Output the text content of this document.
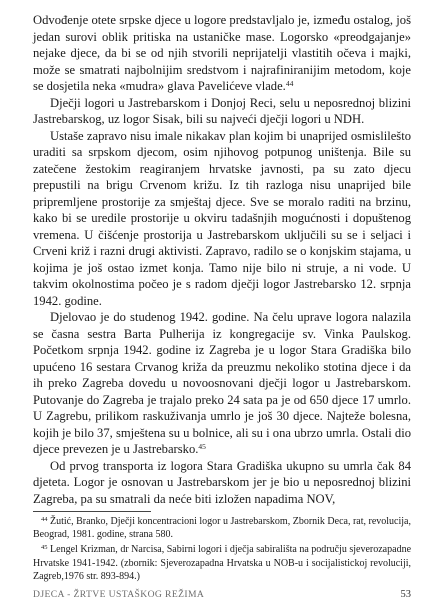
Odvođenje otete srpske djece u logore predstavljalo je, između ostalog, još jedan surovi oblik pritiska na ustaničke mase. Logorsko «preodgajanje» nejake djece, da bi se od njih stvorili neprijatelji vlastitih očeva i majki, može se smatrati najbolnijim sredstvom i najrafiniranijim metodom, koje se dosjetila neka «mudra» glava Pavelićeve vlade.$^{44}$

Dječji logori u Jastrebarskom i Donjoj Reci, selu u neposrednoj blizini Jastrebarskog, uz logor Sisak, bili su najveći dječji logori u NDH.

Ustaše zapravo nisu imale nikakav plan kojim bi unaprijed osmislilešto uraditi sa srpskom djecom, osim njihovog potpunog uništenja. Bile su zatečene žestokim reagiranjem hrvatske javnosti, pa su zato djecu prepustili na brigu Crvenom križu. Iz tih razloga nisu unaprijed bile pripremljene prostorije za smještaj djece. Sve se moralo raditi na brzinu, kako bi se uredile prostorije u okviru tadašnjih mogućnosti i dopuštenog vremena. U čišćenje prostorija u Jastrebarskom uključili su se i seljaci i Crveni križ i razni drugi aktivisti. Zapravo, radilo se o konjskim stajama, u kojima je još ostao izmet konja. Tamo nije bilo ni struje, a ni vode. U takvim okolnostima počeo je s radom dječji logor Jastrebarsko 12. srpnja 1942. godine.

Djelovao je do studenog 1942. godine. Na čelu uprave logora nalazila se časna sestra Barta Pulherija iz kongregacije sv. Vinka Paulskog. Početkom srpnja 1942. godine iz Zagreba je u logor Stara Gradiška bilo upućeno 16 sestara Crvanog križa da preuzmu nekoliko stotina djece i da ih preko Zagreba dovedu u novoosnovani dječji logor u Jastrebarskom. Putovanje do Zagreba je trajalo preko 24 sata pa je od 650 djece 17 umrlo. U Zagrebu, prilikom raskuživanja umrlo je još 30 djece. Najteže bolesna, kojih je bilo 37, smještena su u bolnice, ali su i ona ubrzo umrla. Ostali dio djece prevezen je u Jastrebarsko.$^{45}$

Od prvog transporta iz logora Stara Gradiška ukupno su umrla čak 84 djeteta. Logor je osnovan u Jastrebarskom jer je bio u neposrednoj blizini Zagreba, pa su smatrali da neće biti izložen napadima NOV,

$^{44}$ Žutić, Branko, Dječji koncentracioni logor u Jastrebarskom, Zbornik Deca, rat, revolucija, Beograd, 1981. godine, strana 580.

$^{45}$ Lengel Krizman, dr Narcisa, Sabirni logori i dječja sabirališta na području sjeverozapadne Hrvatske 1941-1942. (zbornik: Sjeverozapadna Hrvatska u NOB-u i socijalistickoj revoluciji, Zagreb,1976 str. 893-894.)

DJECA - ŽRTVE USTAŠKOG REŽIMA	53
